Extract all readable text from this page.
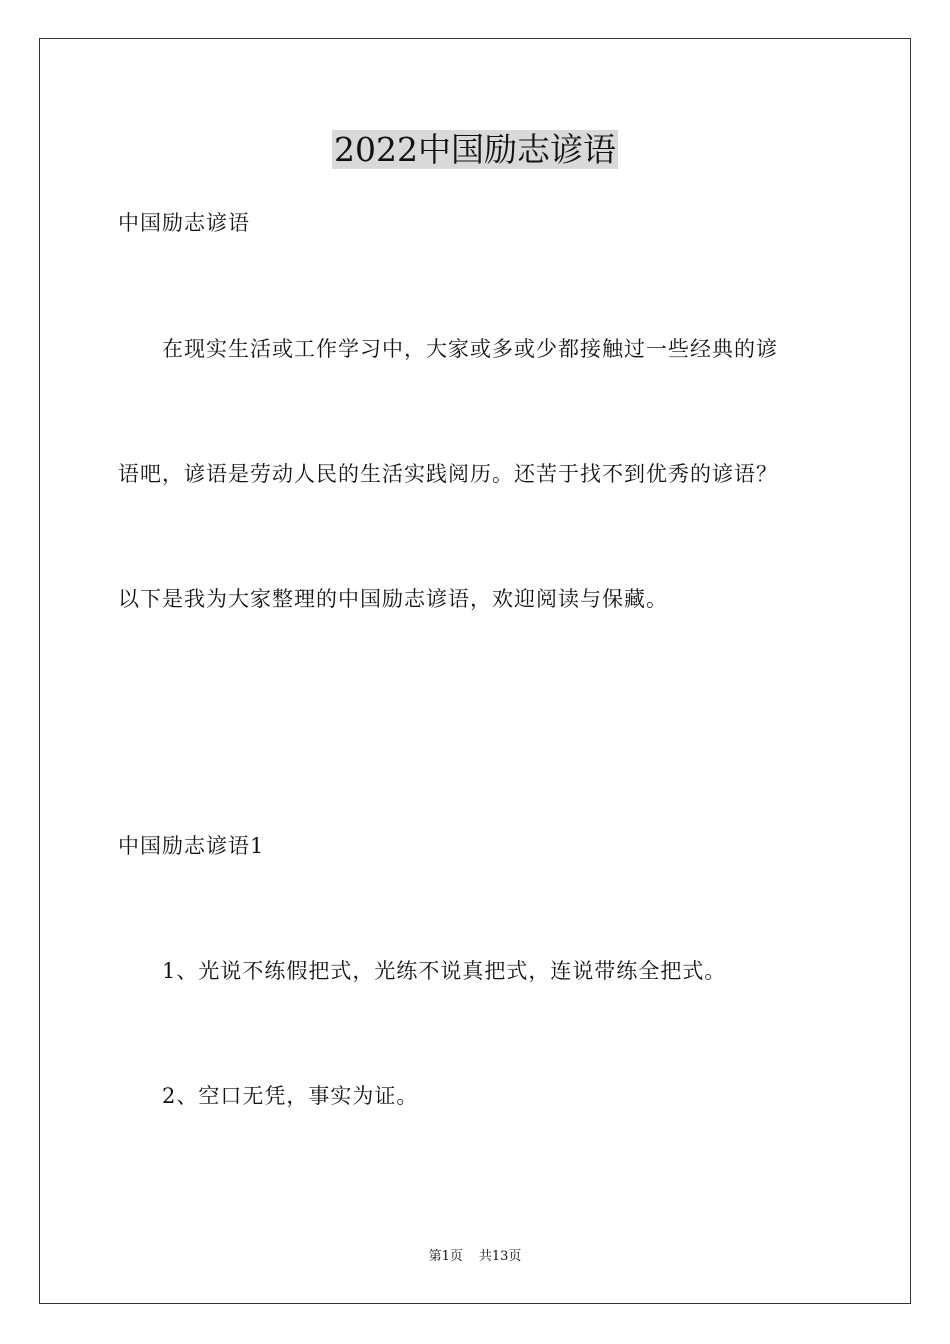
2022中国励志谚语
中国励志谚语
在现实生活或工作学习中，大家或多或少都接触过一些经典的谚
语吧，谚语是劳动人民的生活实践阅历。还苦于找不到优秀的谚语？
以下是我为大家整理的中国励志谚语，欢迎阅读与保藏。
中国励志谚语1
1、光说不练假把式，光练不说真把式，连说带练全把式。
2、空口无凭，事实为证。
第1页 共13页
